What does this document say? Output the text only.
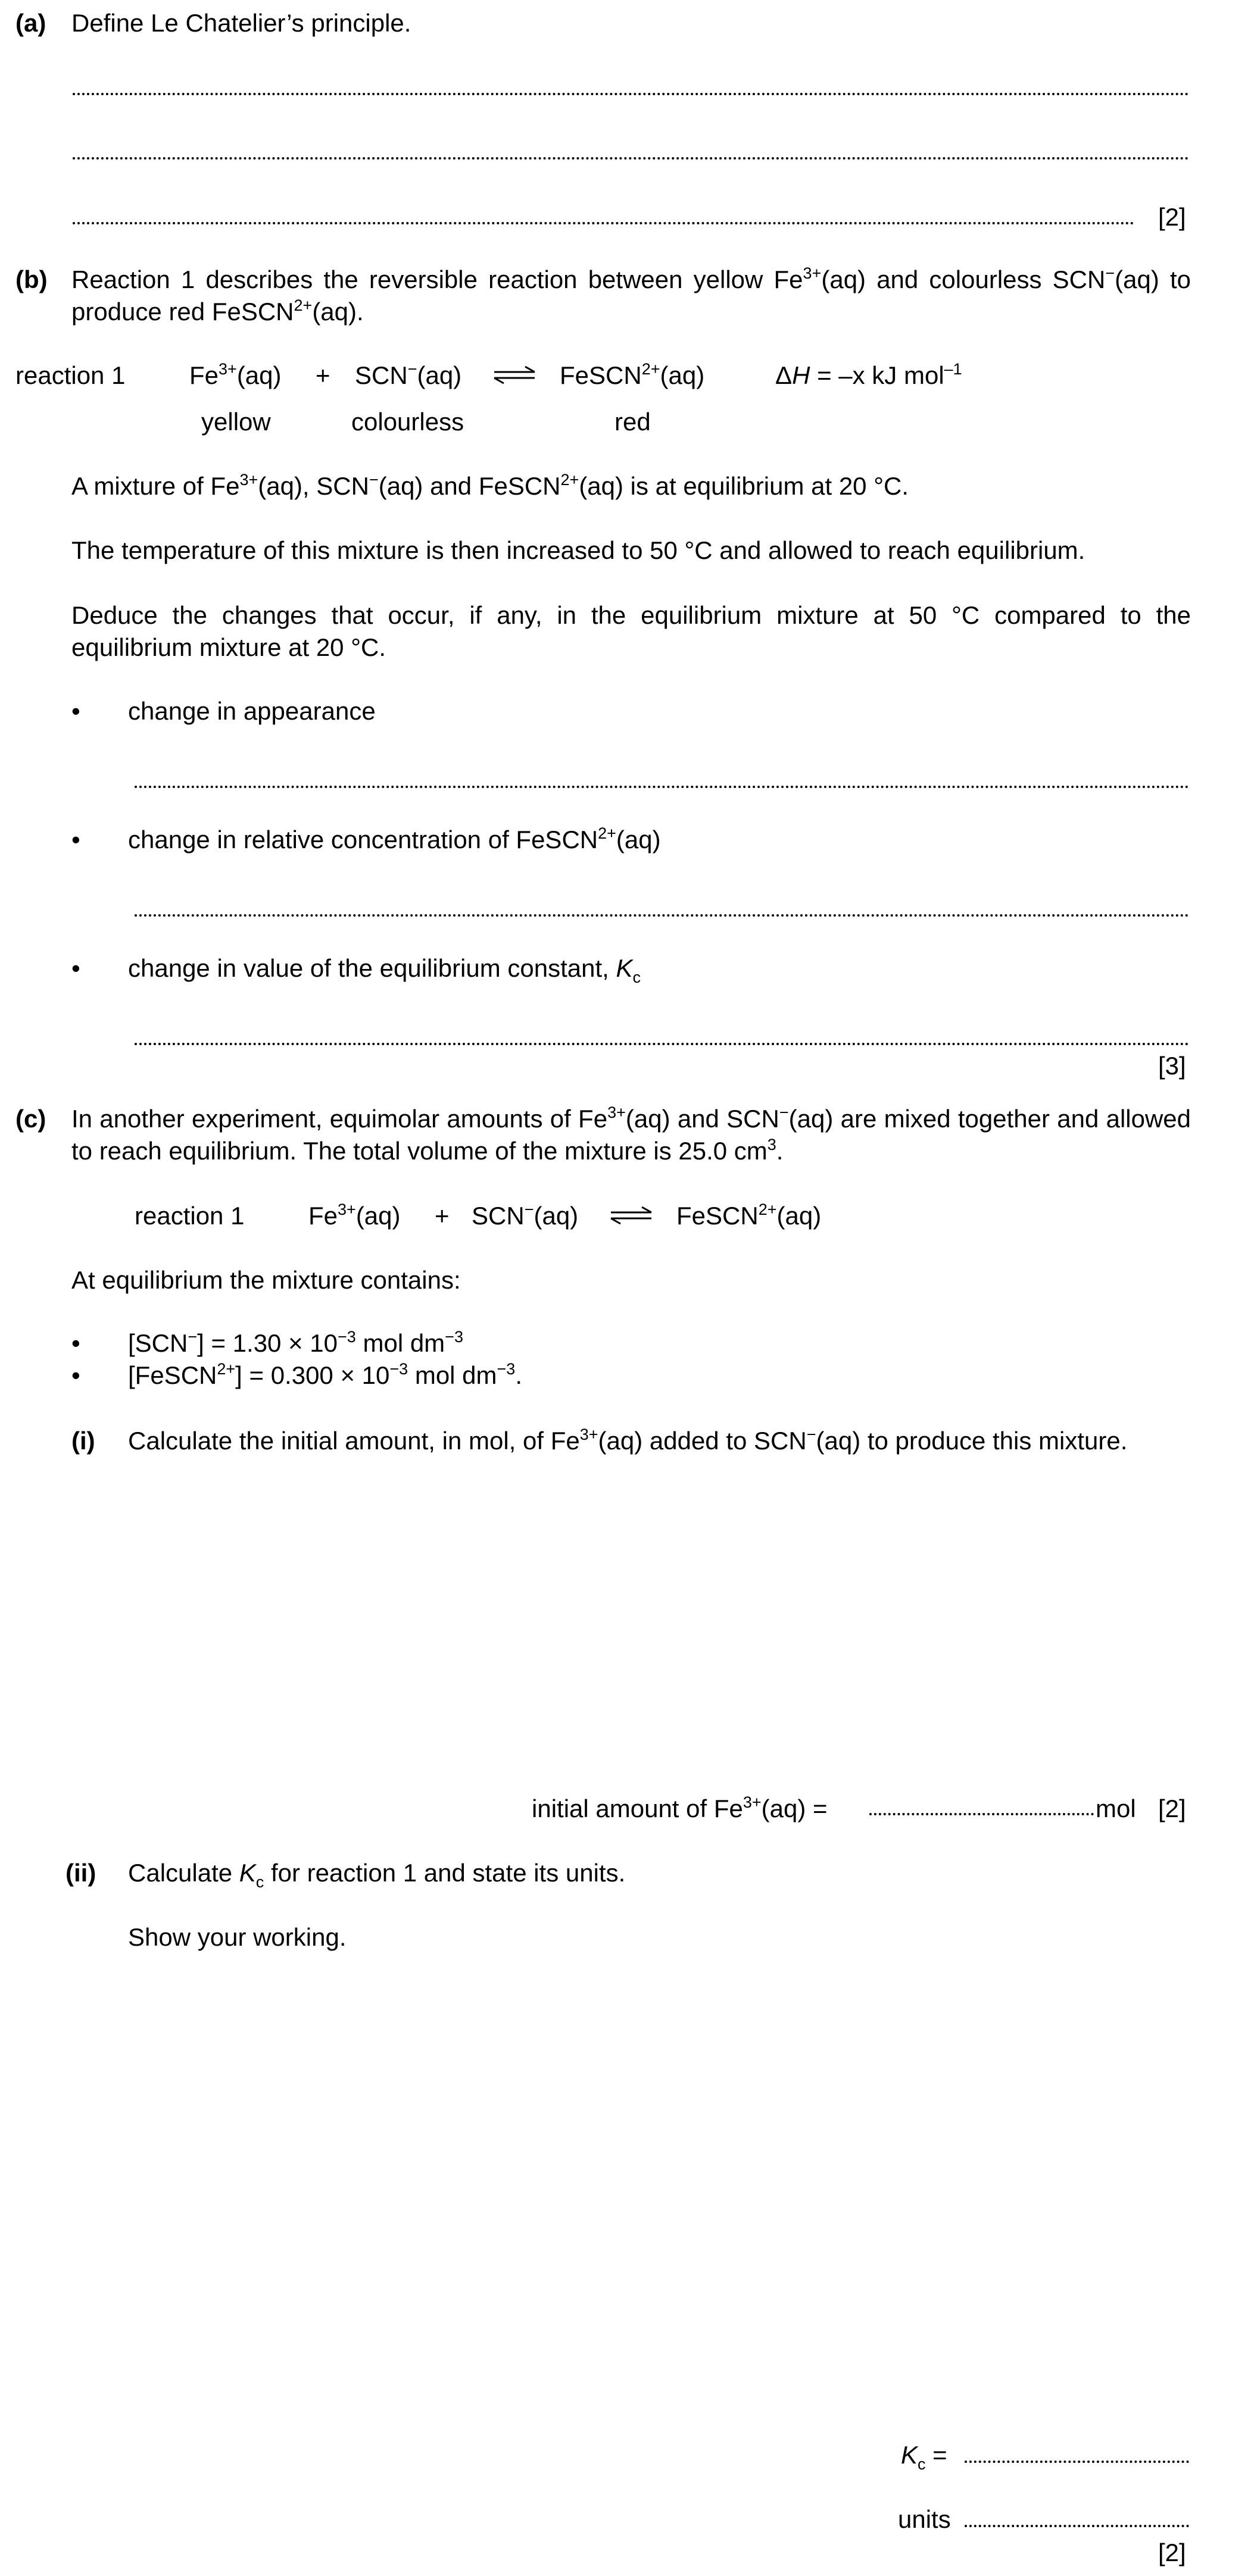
(a) Define Le Chatelier’s principle.
[2]
(b) Reaction 1 describes the reversible reaction between yellow $Fe^{3+}(aq)$ and colourless SCN−(aq) to produce red FeSCN$^{2+}$(aq).

reaction 1	$Fe^{3+}(aq) + SCN^-(aq)$ ⇌ FeSCN$^{2+}$(aq)	ΔH = –x kJ mol$^{-1}$
yellow	colourless	red
A mixture of $Fe^{3+}(aq)$, SCN−(aq) and FeSCN$^{2+}$(aq) is at equilibrium at 20 °C.
The temperature of this mixture is then increased to 50 °C and allowed to reach equilibrium.

Deduce the changes that occur, if any, in the equilibrium mixture at 50 °C compared to the equilibrium mixture at 20 °C.

• change in appearance
• change in relative concentration of FeSCN$^{2+}$(aq)
• change in value of the equilibrium constant, $K_c$
[3]
(c) In another experiment, equimolar amounts of $Fe^{3+}(aq)$ and SCN−(aq) are mixed together and allowed to reach equilibrium. The total volume of the mixture is 25.0 $cm^3$.

reaction 1	$Fe^{3+}(aq) + SCN^-(aq)$ ⇌ FeSCN$^{2+}$(aq)
At equilibrium the mixture contains:
• $[SCN^-] = 1.30 \times 10^{-3}$ mol $dm^{-3}$
• [FeSCN$^{2+}$] = $0.300 \times 10^{-3}$ mol $dm^{-3}$.
(i) Calculate the initial amount, in mol, of $Fe^{3+}(aq)$ added to SCN−(aq) to produce this mixture.

initial amount of $Fe^{3+}(aq)$ =	mol [2]
(ii) Calculate $K_c$ for reaction 1 and state its units.
Show your working.
$K_c$ =
units
[2]
